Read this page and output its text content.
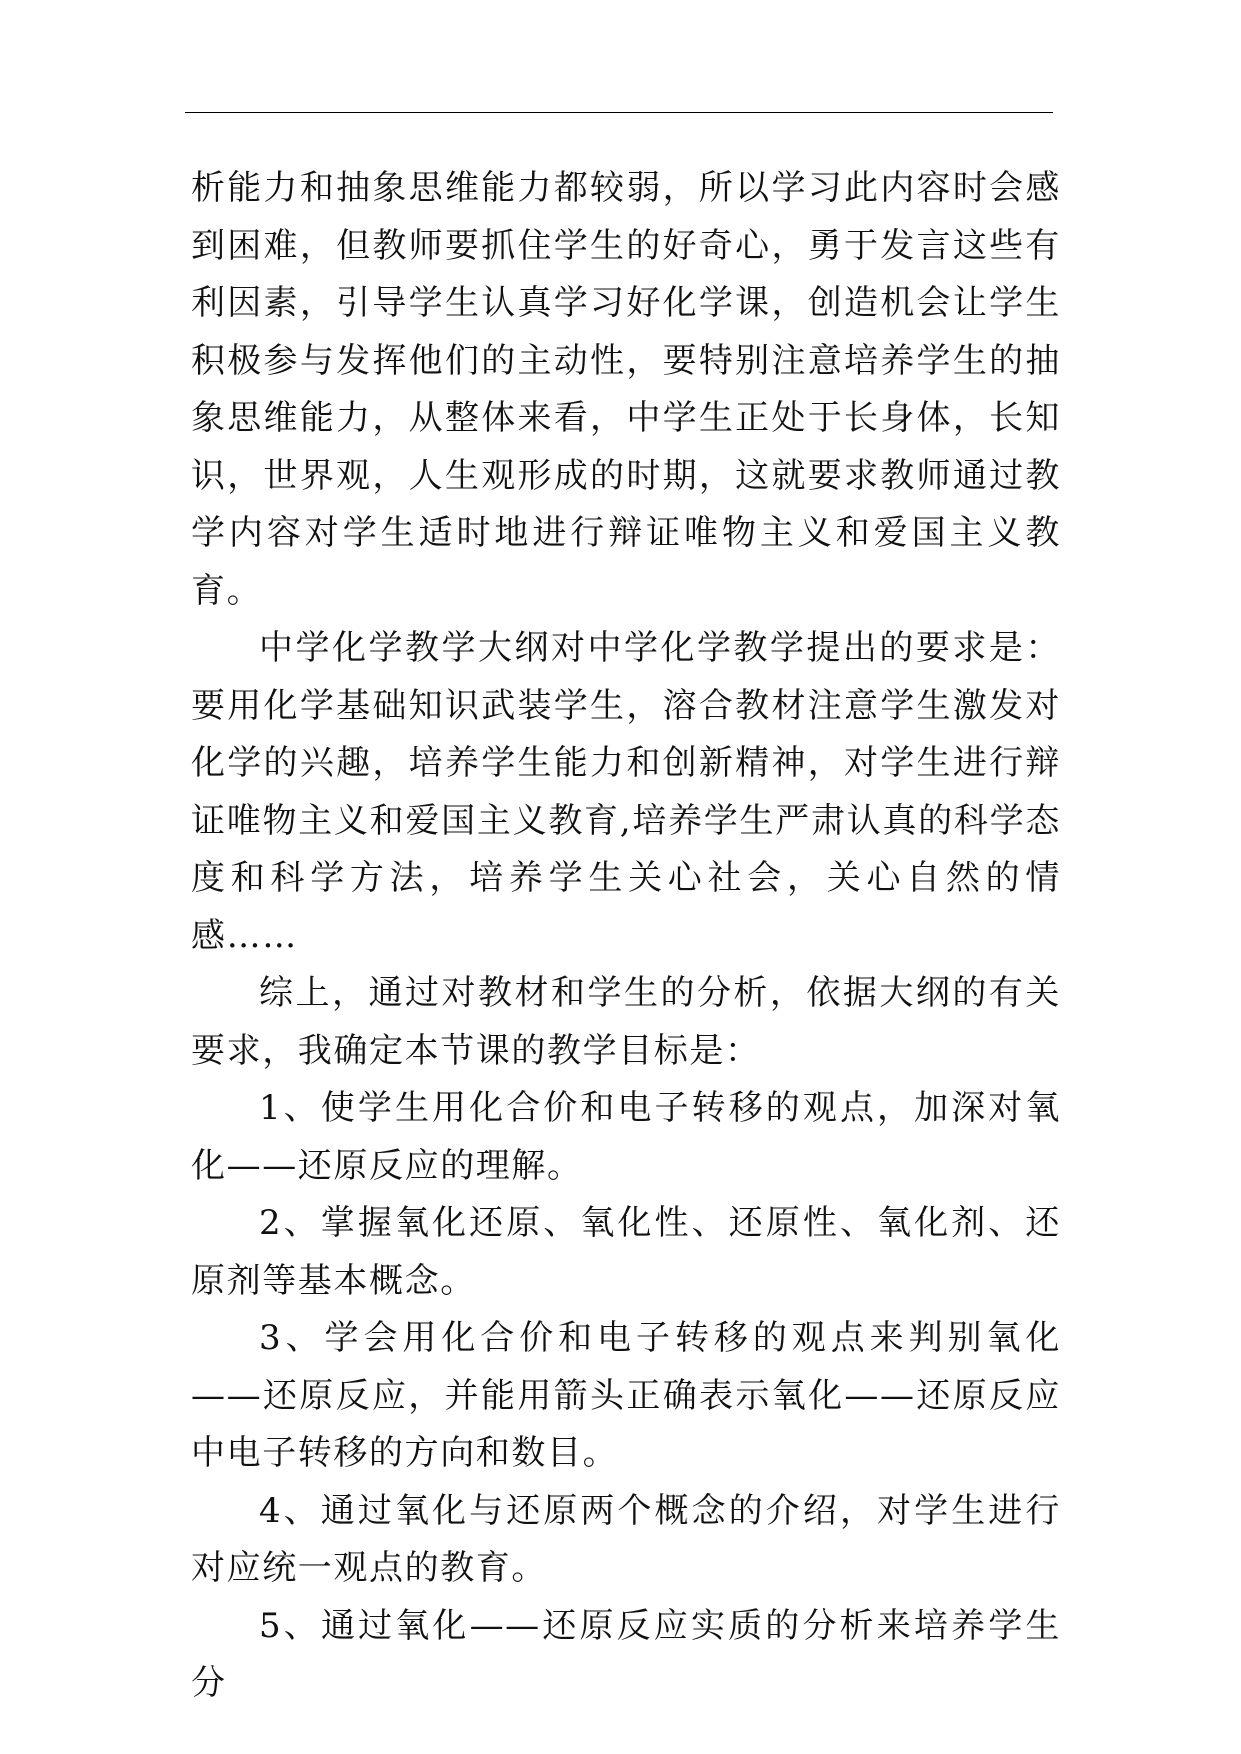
析能力和抽象思维能力都较弱，所以学习此内容时会感到困难，但教师要抓住学生的好奇心，勇于发言这些有利因素，引导学生认真学习好化学课，创造机会让学生积极参与发挥他们的主动性，要特别注意培养学生的抽象思维能力，从整体来看，中学生正处于长身体，长知识，世界观，人生观形成的时期，这就要求教师通过教学内容对学生适时地进行辩证唯物主义和爱国主义教育。

中学化学教学大纲对中学化学教学提出的要求是：要用化学基础知识武装学生，溶合教材注意学生激发对化学的兴趣，培养学生能力和创新精神，对学生进行辩证唯物主义和爱国主义教育,培养学生严肃认真的科学态度和科学方法，培养学生关心社会，关心自然的情感……

综上，通过对教材和学生的分析，依据大纲的有关要求，我确定本节课的教学目标是：

1、使学生用化合价和电子转移的观点，加深对氧化——还原反应的理解。

2、掌握氧化还原、氧化性、还原性、氧化剂、还原剂等基本概念。

3、学会用化合价和电子转移的观点来判别氧化——还原反应，并能用箭头正确表示氧化——还原反应中电子转移的方向和数目。

4、通过氧化与还原两个概念的介绍，对学生进行对应统一观点的教育。

5、通过氧化——还原反应实质的分析来培养学生分
